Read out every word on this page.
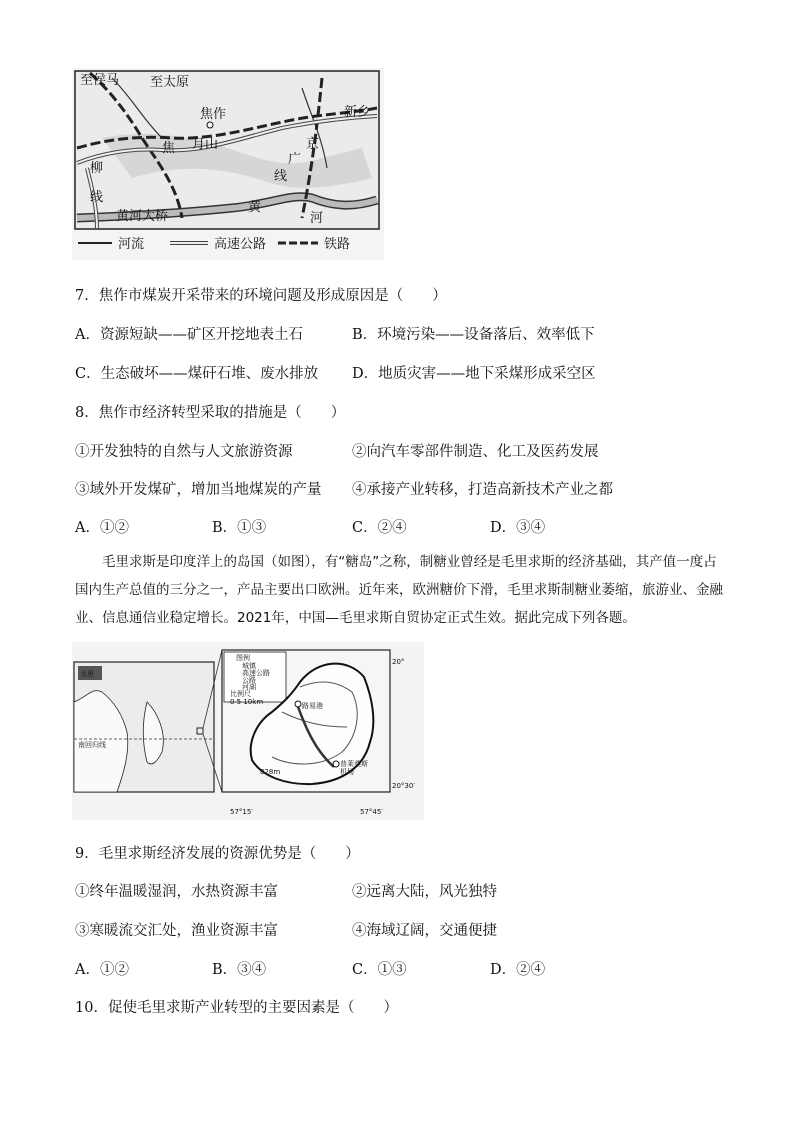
至侯马 至太原
焦作	新乡
月山
焦
柳
线
京
广
线
黄
河
黄河大桥
河流	高速公路	铁路
7．焦作市煤炭开采带来的环境问题及形成原因是（　　）
A．资源短缺——矿区开挖地表土石	B．环境污染——设备落后、效率低下
C．生态破坏——煤矸石堆、废水排放 D．地质灾害——地下采煤形成采空区
8．焦作市经济转型采取的措施是（　　）
①开发独特的自然与人文旅游资源	②向汽车零部件制造、化工及医药发展
③域外开发煤矿，增加当地煤炭的产量 ④承接产业转移，打造高新技术产业之都
A．①②	B．①③	C．②④	D．③④
毛里求斯是印度洋上的岛国（如图），有“糖岛”之称，制糖业曾经是毛里求斯的经济基础，其产值一度占国内生产总值的三分之一，产品主要出口欧洲。近年来，欧洲糖价下滑，毛里求斯制糖业萎缩，旅游业、金融业、信息通信业稳定增长。2021年，中国—毛里求斯自贸协定正式生效。据此完成下列各题。
毛里
南回归线
图例
城镇
高速公路
公路
河湖
比例尺
0 5 10km	路易港
普莱桑斯
机场
828m
20°
20°30′
57°15′	57°45′
9．毛里求斯经济发展的资源优势是（　　）
①终年温暖湿润，水热资源丰富	②远离大陆，风光独特
③寒暖流交汇处，渔业资源丰富	④海域辽阔，交通便捷
A．①②	B．③④	C．①③	D．②④
10．促使毛里求斯产业转型的主要因素是（　　）
